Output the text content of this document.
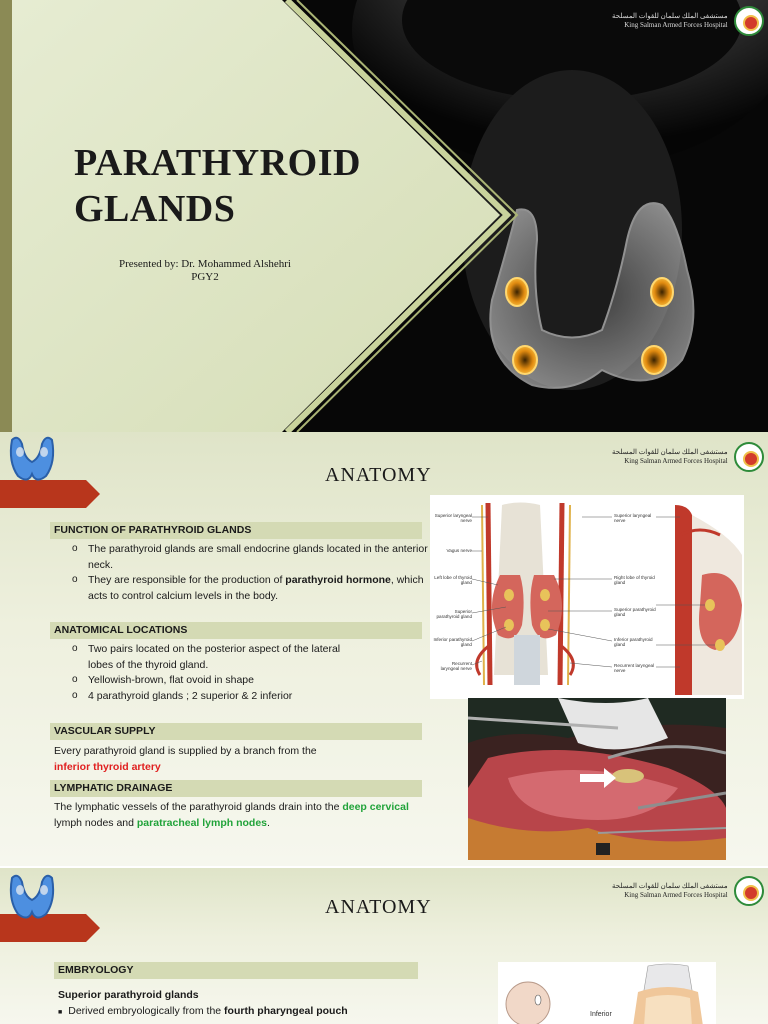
PARATHYROID
GLANDS
Presented by: Dr. Mohammed Alshehri
PGY2
مستشفى الملك سلمان للقوات المسلحة
King Salman Armed Forces Hospital
ANATOMY
مستشفى الملك سلمان للقوات المسلحة
King Salman Armed Forces Hospital
FUNCTION OF PARATHYROID GLANDS
o The parathyroid glands are small endocrine glands located in the anterior neck.
o They are responsible for the production of parathyroid hormone, which acts to control calcium levels in the body.
ANATOMICAL LOCATIONS
o Two pairs located on the posterior aspect of the lateral lobes of the thyroid gland.
o Yellowish-brown, flat ovoid in shape
o 4 parathyroid glands ; 2 superior & 2 inferior
VASCULAR SUPPLY
Every parathyroid gland is supplied by a branch from the
inferior thyroid artery
LYMPHATIC DRAINAGE
The lymphatic vessels of the parathyroid glands drain into the deep cervical lymph nodes and paratracheal lymph nodes.
Superior laryngeal nerve
Vagus nerve
Left lobe of thyroid gland
Superior parathyroid gland
Inferior parathyroid gland
Recurrent laryngeal nerve
Superior laryngeal nerve
Right lobe of thyroid gland
Superior parathyroid gland
Inferior parathyroid gland
Recurrent laryngeal nerve
ANATOMY
مستشفى الملك سلمان للقوات المسلحة
King Salman Armed Forces Hospital
EMBRYOLOGY
Superior parathyroid glands
■ Derived embryologically from the fourth pharyngeal pouch	Inferior
